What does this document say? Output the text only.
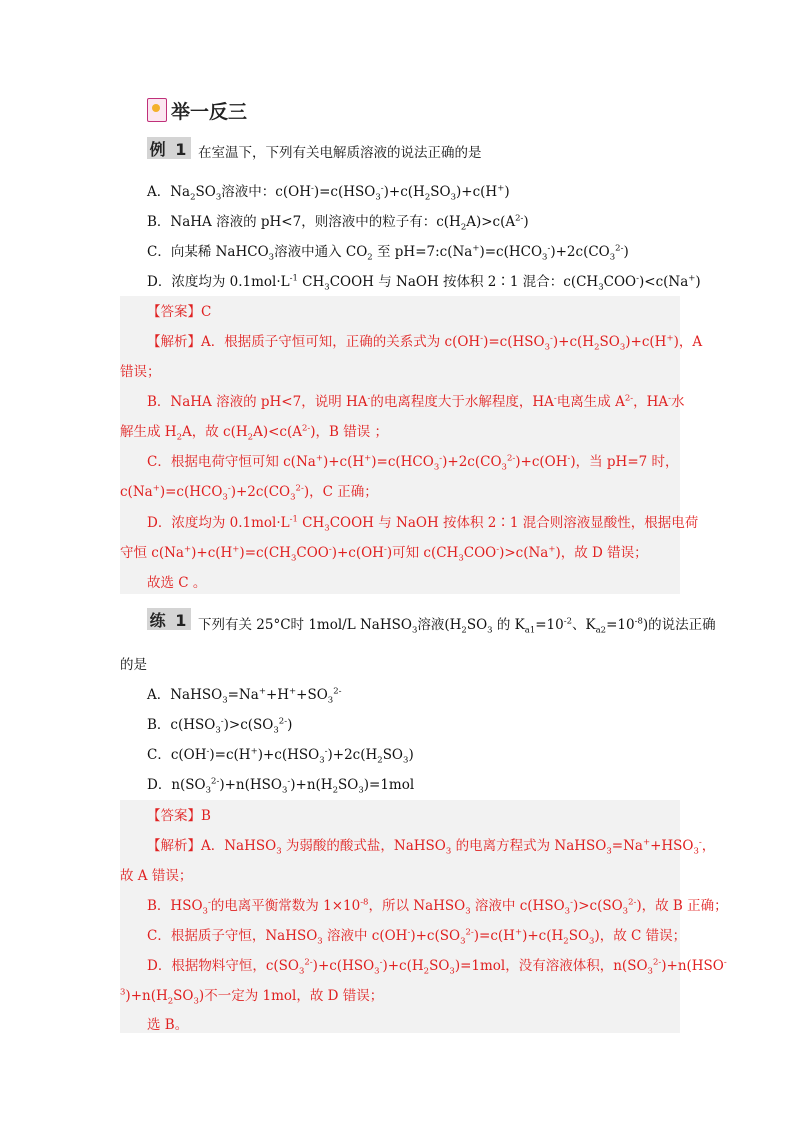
举一反三
例 1 在室温下，下列有关电解质溶液的说法正确的是
A．$Na_2SO_3$溶液中：$c(OH^-)=c(HSO_3^-)+c(H_2SO_3)+c(H^+)$
B．NaHA 溶液的 pH<7，则溶液中的粒子有：$c(H_2A)>c(A^{2-})$
C．向某稀 NaHCO$_3$溶液中通入 $CO_2$ 至 $pH=7:c(Na^+)=c(HCO_3^-)+2c(CO_3^{2-})$
D．浓度均为 $0.1mol\cdot L^{-1}$ $CH_3COOH$ 与 NaOH 按体积 2∶1 混合：$c(CH_3COO^-)<c(Na^+)$
【答案】C
【解析】A．根据质子守恒可知，正确的关系式为 $c(OH^-)=c(HSO_3^-)+c(H_2SO_3)+c(H^+)$，A
错误；
B．NaHA 溶液的 pH<7，说明 HA-的电离程度大于水解程度，HA-电离生成 $A^{2-}$，HA-水
解生成 $H_2A$，故 $c(H_2A)<c(A^{2-})$，B 错误 ；
C．根据电荷守恒可知 $c(Na^+)+c(H^+)=c(HCO_3^-)+2c(CO_3^{2-})+c(OH^-)$，当 pH=7 时，
$c(Na^+)=c(HCO_3^-)+2c(CO_3^{2-})$，C 正确；
D．浓度均为 $0.1mol\cdot L^{-1}$ $CH_3COOH$ 与 NaOH 按体积 2∶1 混合则溶液显酸性，根据电荷
守恒 $c(Na^+)+c(H^+)=c(CH_3COO^-)+c(OH^-)$可知 $c(CH_3COO^-)>c(Na^+)$，故 D 错误；
故选 C 。
练 1 下列有关 25°C时 1mol/L NaHSO$_3$溶液($H_2SO_3$ 的 $K_{a1}=10^{-2}$、$K_{a2}=10^{-8}$)的说法正确
的是
A．$NaHSO_3=Na^++H^++SO_3^{2-}$
B．$c(HSO_3^-)>c(SO_3^{2-})$
C．$c(OH^-)=c(H^+)+c(HSO_3^-)+2c(H_2SO_3)$
D．$n(SO_3^{2-})+n(HSO_3^-)+n(H_2SO_3)=1mol$
【答案】B
【解析】A．NaHSO$_3$ 为弱酸的酸式盐，NaHSO$_3$ 的电离方程式为 $NaHSO_3=Na^++HSO_3^-$，
故 A 错误；
B．$HSO_3^-$的电离平衡常数为 $1\times 10^{-8}$，所以 NaHSO$_3$ 溶液中 $c(HSO_3^-)>c(SO_3^{2-})$，故 B 正确；
C．根据质子守恒，NaHSO$_3$ 溶液中 $c(OH^-)+c(SO_3^{2-})=c(H^+)+c(H_2SO_3)$，故 C 错误；
D．根据物料守恒，$c(SO_3^{2-})+c(HSO_3^-)+c(H_2SO_3)=1mol$，没有溶液体积，$n(SO_3^{2-})+n(HSO^-$
$^3)+n(H_2SO_3)$不一定为 1mol，故 D 错误；
选 B。
